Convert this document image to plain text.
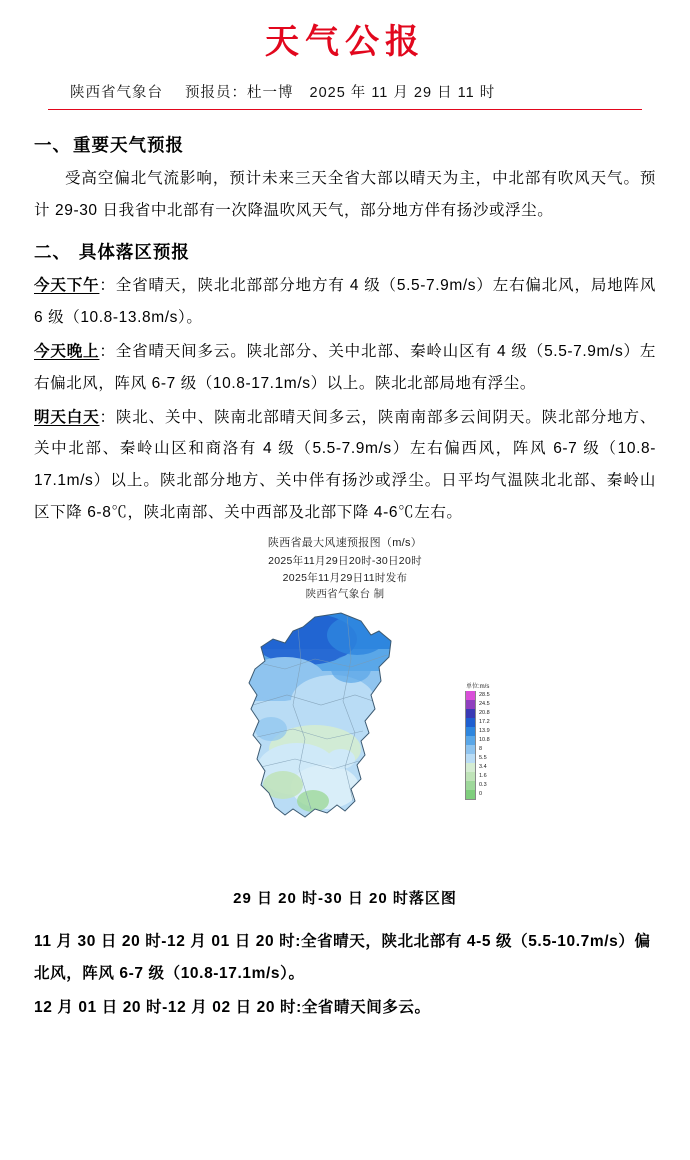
天气公报
陕西省气象台 预报员：杜一博 2025 年 11 月 29 日 11 时
一、 重要天气预报

受高空偏北气流影响，预计未来三天全省大部以晴天为主，中北部有吹风天气。预计 29-30 日我省中北部有一次降温吹风天气，部分地方伴有扬沙或浮尘。

二、 具体落区预报

今天下午：全省晴天，陕北北部部分地方有 4 级（5.5-7.9m/s）左右偏北风，局地阵风 6 级（10.8-13.8m/s）。

今天晚上：全省晴天间多云。陕北部分、关中北部、秦岭山区有 4 级（5.5-7.9m/s）左右偏北风，阵风 6-7 级（10.8-17.1m/s）以上。陕北北部局地有浮尘。

明天白天：陕北、关中、陕南北部晴天间多云，陕南南部多云间阴天。陕北部分地方、关中北部、秦岭山区和商洛有 4 级（5.5-7.9m/s）左右偏西风，阵风 6-7 级（10.8-17.1m/s）以上。陕北部分地方、关中伴有扬沙或浮尘。日平均气温陕北北部、秦岭山区下降 6-8℃，陕北南部、关中西部及北部下降 4-6℃左右。

陕西省最大风速预报图（m/s）
2025年11月29日20时-30日20时
2025年11月29日11时发布
陕西省气象台 制
单位:m/s
28.5
24.5
20.8
17.2
13.9
10.8
8
5.5
3.4
1.6
0.3
0
29 日 20 时-30 日 20 时落区图

11 月 30 日 20 时-12 月 01 日 20 时:全省晴天，陕北北部有 4-5 级（5.5-10.7m/s）偏北风，阵风 6-7 级（10.8-17.1m/s）。

12 月 01 日 20 时-12 月 02 日 20 时:全省晴天间多云。
